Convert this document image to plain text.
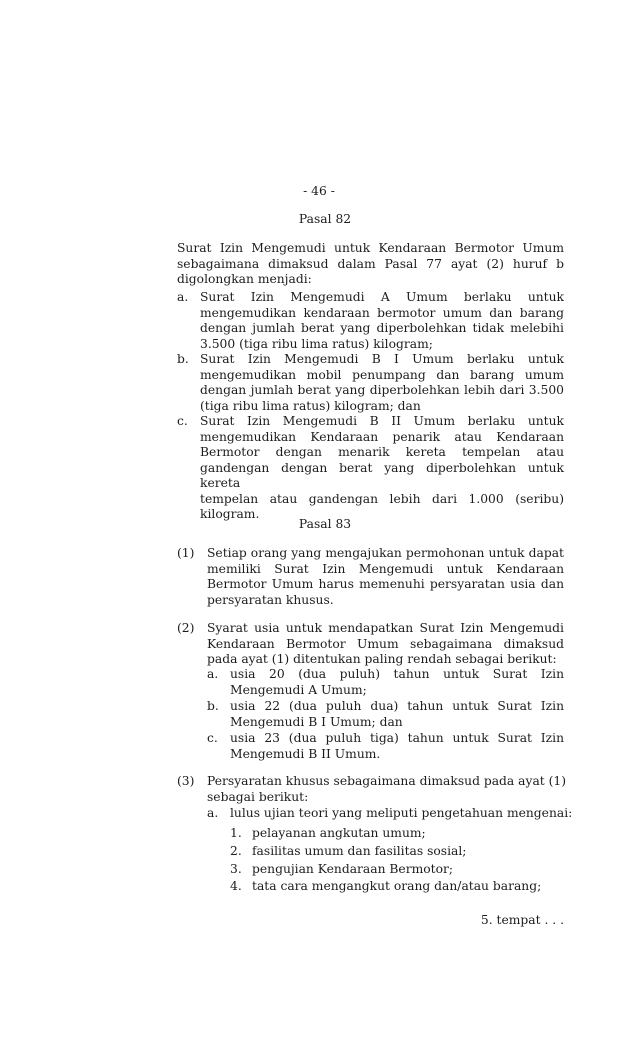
- 46 -
Pasal 82
Surat Izin Mengemudi untuk Kendaraan Bermotor Umum
sebagaimana dimaksud dalam Pasal 77 ayat (2) huruf b
digolongkan menjadi:
a. Surat Izin Mengemudi A Umum berlaku untuk
mengemudikan kendaraan bermotor umum dan barang
dengan jumlah berat yang diperbolehkan tidak melebihi
3.500 (tiga ribu lima ratus) kilogram;
b. Surat Izin Mengemudi B I Umum berlaku untuk
mengemudikan mobil penumpang dan barang umum
dengan jumlah berat yang diperbolehkan lebih dari 3.500
(tiga ribu lima ratus) kilogram; dan
c. Surat Izin Mengemudi B II Umum berlaku untuk
mengemudikan Kendaraan penarik atau Kendaraan
Bermotor dengan menarik kereta tempelan atau
gandengan dengan berat yang diperbolehkan untuk kereta
tempelan atau gandengan lebih dari 1.000 (seribu)
kilogram.
Pasal 83
(1) Setiap orang yang mengajukan permohonan untuk dapat
memiliki Surat Izin Mengemudi untuk Kendaraan
Bermotor Umum harus memenuhi persyaratan usia dan
persyaratan khusus.
(2) Syarat usia untuk mendapatkan Surat Izin Mengemudi
Kendaraan Bermotor Umum sebagaimana dimaksud
pada ayat (1) ditentukan paling rendah sebagai berikut:
a. usia 20 (dua puluh) tahun untuk Surat Izin
Mengemudi A Umum;
b. usia 22 (dua puluh dua) tahun untuk Surat Izin
Mengemudi B I Umum; dan
c. usia 23 (dua puluh tiga) tahun untuk Surat Izin
Mengemudi B II Umum.
(3) Persyaratan khusus sebagaimana dimaksud pada ayat (1)
sebagai berikut:
a. lulus ujian teori yang meliputi pengetahuan mengenai:
1. pelayanan angkutan umum;
2. fasilitas umum dan fasilitas sosial;
3. pengujian Kendaraan Bermotor;
4. tata cara mengangkut orang dan/atau barang;
5. tempat . . .
